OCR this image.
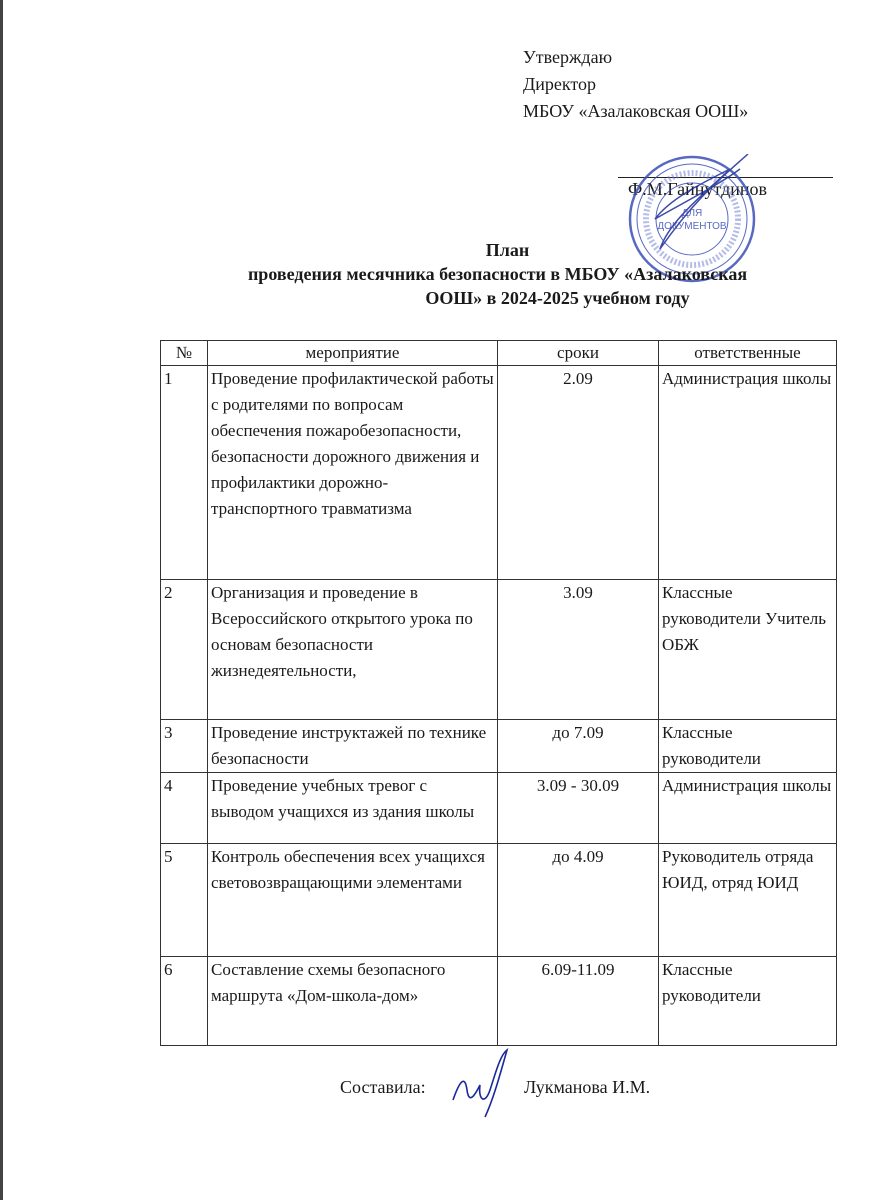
Утверждаю
Директор
МБОУ «Азалаковская ООШ»
Ф.М.Гайнутдинов
ДЛЯ
ДОКУМЕНТОВ
План
проведения месячника безопасности в МБОУ «Азалаковская
ООШ» в 2024-2025 учебном году
№	мероприятие	сроки	ответственные
1	Проведение профилактической работы с родителями по вопросам обеспечения пожаробезопасности, безопасности дорожного движения и профилактики дорожно-транспортного травматизма	2.09	Администрация школы
2	Организация и проведение в Всероссийского открытого урока по основам безопасности жизнедеятельности,	3.09	Классные руководители Учитель ОБЖ
3	Проведение инструктажей по технике безопасности	до 7.09	Классные руководители
4	Проведение учебных тревог с выводом учащихся из здания школы	3.09 - 30.09	Администрация школы
5	Контроль обеспечения всех учащихся световозвращающими элементами	до 4.09	Руководитель отряда ЮИД, отряд ЮИД
6	Составление схемы безопасного маршрута «Дом-школа-дом»	6.09-11.09	Классные руководители
Составила:	Лукманова И.М.
